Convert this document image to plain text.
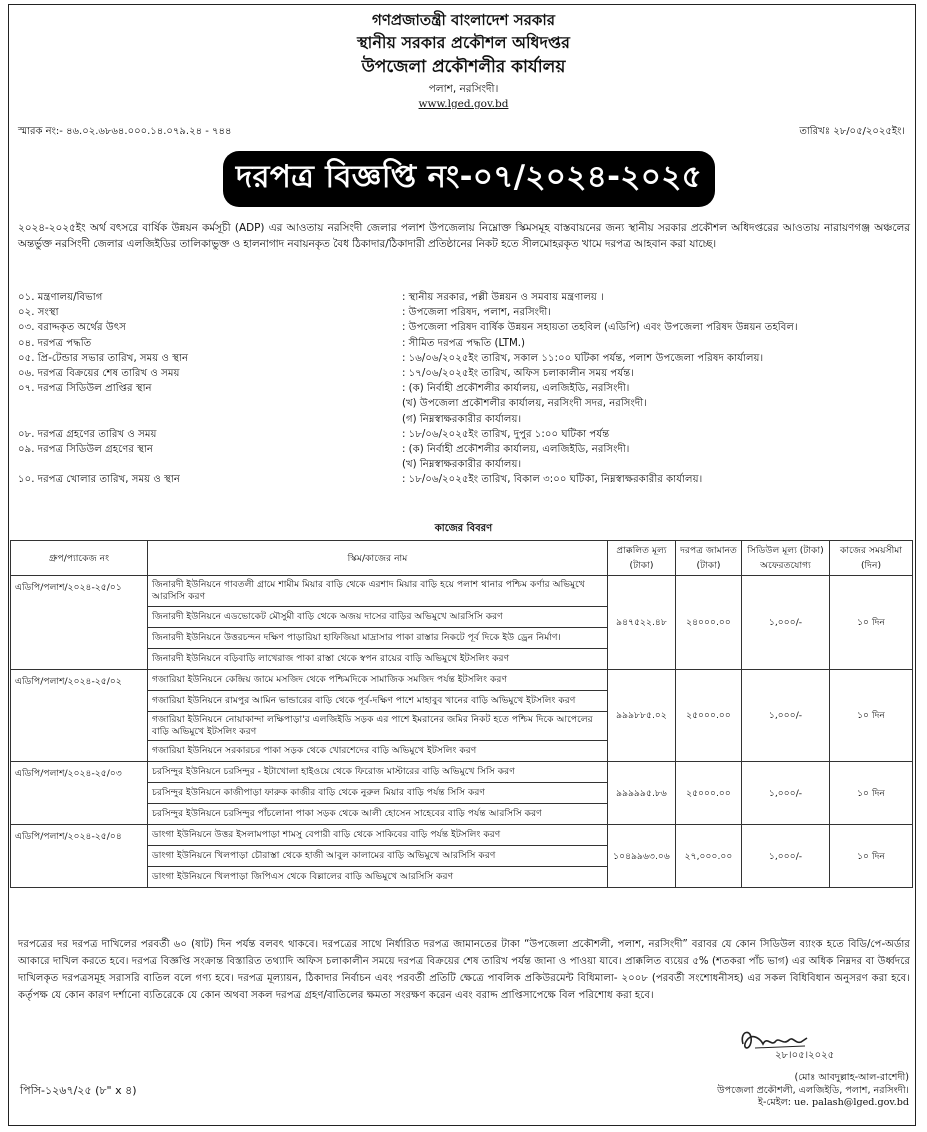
গণপ্রজাতন্ত্রী বাংলাদেশ সরকার
স্থানীয় সরকার প্রকৌশল অধিদপ্তর
উপজেলা প্রকৌশলীর কার্যালয়
পলাশ, নরসিংদী।
www.lged.gov.bd
স্মারক নং:- ৪৬.০২.৬৮৬৪.০০০.১৪.০৭৯.২৪ - ৭৪৪	তারিখঃ ২৮/০৫/২০২৫ইং।
দরপত্র বিজ্ঞপ্তি নং-০৭/২০২৪-২০২৫
২০২৪-২০২৫ইং অর্থ বৎসরে বার্ষিক উন্নয়ন কর্মসূচী (ADP) এর আওতায় নরসিংদী জেলার পলাশ উপজেলায় নিম্নোক্ত স্কিমসমূহ বাস্তবায়নের জন্য স্থানীয় সরকার প্রকৌশল অধিদপ্তরের আওতায় নারায়ণগঞ্জ অঞ্চলের অন্তর্ভুক্ত নরসিংদী জেলার এলজিইডির তালিকাভুক্ত ও হালনাগাদ নবায়নকৃত বৈধ ঠিকাদার/ঠিকাদারী প্রতিষ্ঠানের নিকট হতে সীলমোহরকৃত খামে দরপত্র আহবান করা যাচ্ছে।
০১. মন্ত্রণালয়/বিভাগ	: স্থানীয় সরকার, পল্লী উন্নয়ন ও সমবায় মন্ত্রণালয় ।
০২. সংস্থা	: উপজেলা পরিষদ, পলাশ, নরসিংদী।
০৩. বরাদ্দকৃত অর্থের উৎস	: উপজেলা পরিষদ বার্ষিক উন্নয়ন সহায়তা তহবিল (এডিপি) এবং উপজেলা পরিষদ উন্নয়ন তহবিল।
০৪. দরপত্র পদ্ধতি	: সীমিত দরপত্র পদ্ধতি (LTM.)
০৫. প্রি-টেন্ডার সভার তারিখ, সময় ও স্থান	: ১৬/০৬/২০২৫ইং তারিখ, সকাল ১১:০০ ঘটিকা পর্যন্ত, পলাশ উপজেলা পরিষদ কার্যালয়।
০৬. দরপত্র বিক্রয়ের শেষ তারিখ ও সময়	: ১৭/০৬/২০২৫ইং তারিখ, অফিস চলাকালীন সময় পর্যন্ত।
০৭. দরপত্র সিডিউল প্রাপ্তির স্থান	: (ক) নির্বাহী প্রকৌশলীর কার্যালয়, এলজিইডি, নরসিংদী।
(খ) উপজেলা প্রকৌশলীর কার্যালয়, নরসিংদী সদর, নরসিংদী।
(গ) নিম্নস্বাক্ষরকারীর কার্যালয়।
০৮. দরপত্র গ্রহণের তারিখ ও সময়	: ১৮/০৬/২০২৫ইং তারিখ, দুপুর ১:০০ ঘটিকা পর্যন্ত
০৯. দরপত্র সিডিউল গ্রহণের স্থান	: (ক) নির্বাহী প্রকৌশলীর কার্যালয়, এলজিইডি, নরসিংদী।
(খ) নিম্নস্বাক্ষরকারীর কার্যালয়।
১০. দরপত্র খোলার তারিখ, সময় ও স্থান	: ১৮/০৬/২০২৫ইং তারিখ, বিকাল ৩:০০ ঘটিকা, নিম্নস্বাক্ষরকারীর কার্যালয়।
কাজের বিবরণ
গ্রুপ/প্যাকেজ নং	স্কিম/কাজের নাম	প্রাক্কলিত মূল্য (টাকা)	দরপত্র জামানত (টাকা)	সিডিউল মূল্য (টাকা) অফেরতযোগ্য	কাজের সময়সীমা (দিন)
এডিপি/পলাশ/২০২৪-২৫/০১	জিনারদী ইউনিয়নে গাবতলী গ্রামে শামীম মিয়ার বাড়ি থেকে এরশাদ মিয়ার বাড়ি হয়ে পলাশ থানার পশ্চিম কর্ণার অভিমুখে আরসিসি করণ	৯৪৭৫২২.৪৮	২৪০০০.০০	১,০০০/-	১০ দিন
	জিনারদী ইউনিয়নে এডভোকেট মৌসুমী বাড়ি থেকে অজয় দাসের বাড়ির অভিমুখে আরসিসি করণ				
	জিনারদী ইউনিয়নে উত্তরচন্দন দক্ষিণ পাড়ারিয়া হাফিজিয়া মাদ্রাসার পাকা রাস্তার নিকটে পূর্ব দিকে ইউ ড্রেন নির্মাণ।				
	জিনারদী ইউনিয়নে বড়িবাড়ি লাখেরাজ পাকা রাস্তা থেকে স্বপন রায়ের বাড়ি অভিমুখে ইটসলিং করণ				
এডিপি/পলাশ/২০২৪-২৫/০২	গজারিয়া ইউনিয়নে কেন্দ্রিয় জামে মসজিদ থেকে পশ্চিমদিকে সামাজিক সমজিদ পর্যন্ত ইটসলিং করণ	৯৯৯৮৮৫.০২	২৫০০০.০০	১,০০০/-	১০ দিন
	গজারিয়া ইউনিয়নে রামপুর আমিন ভান্ডারের বাড়ি থেকে পূর্ব-দক্ষিণ পাশে মাহাবুব খানের বাড়ি অভিমুখে ইটসলিং করণ				
	গজারিয়া ইউনিয়নে নোয়াকান্দা লক্ষিপাড়া'র এলজিইডি সড়ক এর পাশে ইমরানের জমির নিকট হতে পশ্চিম দিকে আপেলের বাড়ি অভিমুখে ইটসলিং করণ				
	গজারিয়া ইউনিয়নে সরকারচর পাকা সড়ক থেকে খোরশেদের বাড়ি অভিমুখে ইটসলিং করণ				
এডিপি/পলাশ/২০২৪-২৫/০৩	চরসিন্দুর ইউনিয়নে চরসিন্দুর - ইটাখোলা হাইওয়ে থেকে ফিরোজ মাস্টারের বাড়ি অভিমুখে সিসি করণ	৯৯৯৯৯৫.৮৬	২৫০০০.০০	১,০০০/-	১০ দিন
	চরসিন্দুর ইউনিয়নে কাজীপাড়া ফারুক কাজীর বাড়ি থেকে নুরুল মিয়ার বাড়ি পর্যন্ত সিসি করণ				
	চরসিন্দুর ইউনিয়নে চরসিন্দুর পাঁচলোনা পাকা সড়ক থেকে আলী হোসেন সাহেবের বাড়ি পর্যন্ত আরসিসি করণ				
এডিপি/পলাশ/২০২৪-২৫/০৪	ডাংগা ইউনিয়নে উত্তর ইসলামপাড়া শামসু বেপারী বাড়ি থেকে সাকিবের বাড়ি পর্যন্ত ইটসলিং করণ	১০৪৯৯৬৩.০৬	২৭,০০০.০০	১,০০০/-	১০ দিন
	ডাংগা ইউনিয়নে খিলপাড়া চৌরাস্তা থেকে হাজী আবুল কালামের বাড়ি অভিমুখে আরসিসি করণ				
	ডাংগা ইউনিয়নে খিলপাড়া জিপিএস থেকে বিল্লালের বাড়ি অভিমুখে আরসিসি করণ				
দরপত্রের দর দরপত্র দাখিলের পরবর্তী ৬০ (ষাট) দিন পর্যন্ত বলবৎ থাকবে। দরপত্রের সাথে নির্ধারিত দরপত্র জামানতের টাকা “উপজেলা প্রকৌশলী, পলাশ, নরসিংদী” বরাবর যে কোন সিডিউল ব্যাংক হতে বিডি/পে-অর্ডার আকারে দাখিল করতে হবে। দরপত্র বিজ্ঞপ্তি সংক্রান্ত বিস্তারিত তথ্যাদি অফিস চলাকালীন সময়ে দরপত্র বিক্রয়ের শেষ তারিখ পর্যন্ত জানা ও পাওয়া যাবে। প্রাক্কলিত ব্যয়ের ৫% (শতকরা পাঁচ ভাগ) এর অধিক নিম্নদর বা উর্ধ্বদরে দাখিলকৃত দরপত্রসমূহ সরাসরি বাতিল বলে গণ্য হবে। দরপত্র মূল্যায়ন, ঠিকাদার নির্বাচন এবং পরবর্তী প্রতিটি ক্ষেত্রে পাবলিক প্রকিউরমেন্ট বিধিমালা- ২০০৮ (পরবর্তী সংশোধনীসহ) এর সকল বিধিবিধান অনুসরণ করা হবে। কর্তৃপক্ষ যে কোন কারণ দর্শানো ব্যতিরেকে যে কোন অথবা সকল দরপত্র গ্রহণ/বাতিলের ক্ষমতা সংরক্ষণ করেন এবং বরাদ্দ প্রাপ্তিসাপেক্ষে বিল পরিশোধ করা হবে।
২৮।০৫।২০২৫
(মোঃ আবদুল্লাহ-আল-রাশেদী)
উপজেলা প্রকৌশলী, এলজিইডি, পলাশ, নরসিংদী।
ই-মেইল: ue. palash@lged.gov.bd
পিসি-১২৬৭/২৫ (৮" x ৪)
